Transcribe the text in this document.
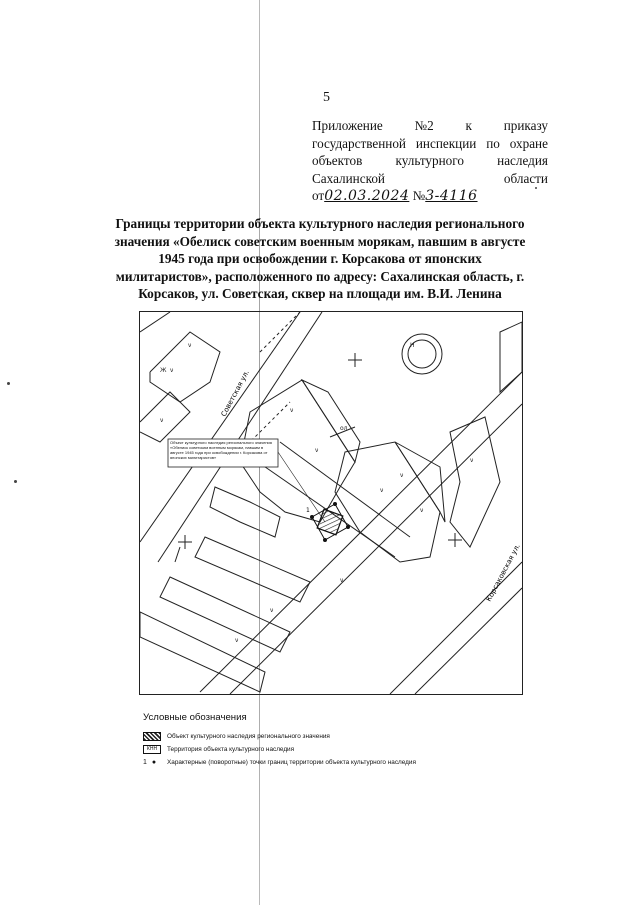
5
Приложение №2 к приказу
государственной инспекции по охране
объектов	культурного	наследия
Сахалинской	области
от02.03.2024 №3-4116
Границы территории объекта культурного наследия регионального значения «Обелиск советским военным морякам, павшим в августе 1945 года при освобождении г. Корсакова от японских милитаристов», расположенного по адресу: Сахалинская область, г. Корсаков, ул. Советская, сквер на площади им. В.И. Ленина
ν
ν
ν
ν
ν
ν
ν
ν
ν
ν
ν
ν
Ж
Н
ол
Советская ул.
Корсаковская ул.
Объект культурного наследия регионального значения «Обелиск советским военным морякам, павшим в августе 1945 года при освобождении г. Корсакова от японских милитаристов»
1
Условные обозначения
Объект культурного наследия регионального значения
КНН	Территория объекта культурного наследия
1 ● Характерные (поворотные) точки границ территории объекта культурного наследия
